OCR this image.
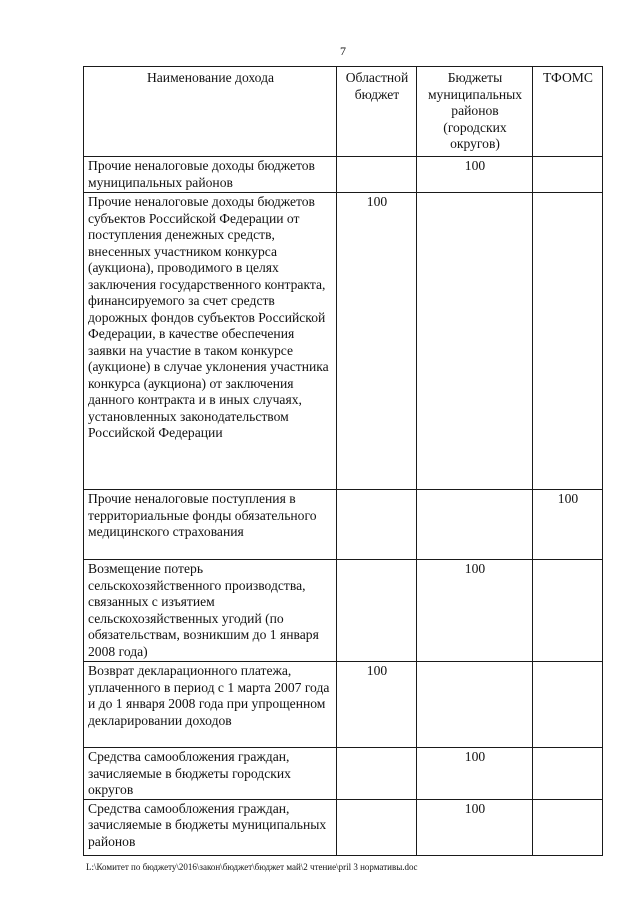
7
Наименование дохода	Областной бюджет	Бюджеты муниципальных районов (городских округов)	ТФОМС
Прочие неналоговые доходы бюджетов муниципальных районов		100	
Прочие неналоговые доходы бюджетов субъектов Российской Федерации от поступления денежных средств, внесенных участником конкурса (аукциона), проводимого в целях заключения государственного контракта, финансируемого за счет средств дорожных фондов субъектов Российской Федерации, в качестве обеспечения заявки на участие в таком конкурсе (аукционе) в случае уклонения участника конкурса (аукциона) от заключения данного контракта и в иных случаях, установленных законодательством Российской Федерации	100		
Прочие неналоговые поступления в территориальные фонды обязательного медицинского страхования			100
Возмещение потерь сельскохозяйственного производства, связанных с изъятием сельскохозяйственных угодий (по обязательствам, возникшим до 1 января 2008 года)		100	
Возврат декларационного платежа, уплаченного в период с 1 марта 2007 года и до 1 января 2008 года при упрощенном декларировании доходов	100		
Средства самообложения граждан, зачисляемые в бюджеты городских округов		100	
Средства самообложения граждан, зачисляемые в бюджеты муниципальных районов		100	
L:\Комитет по бюджету\2016\закон\бюджет\бюджет май\2 чтение\pril 3 нормативы.doc
